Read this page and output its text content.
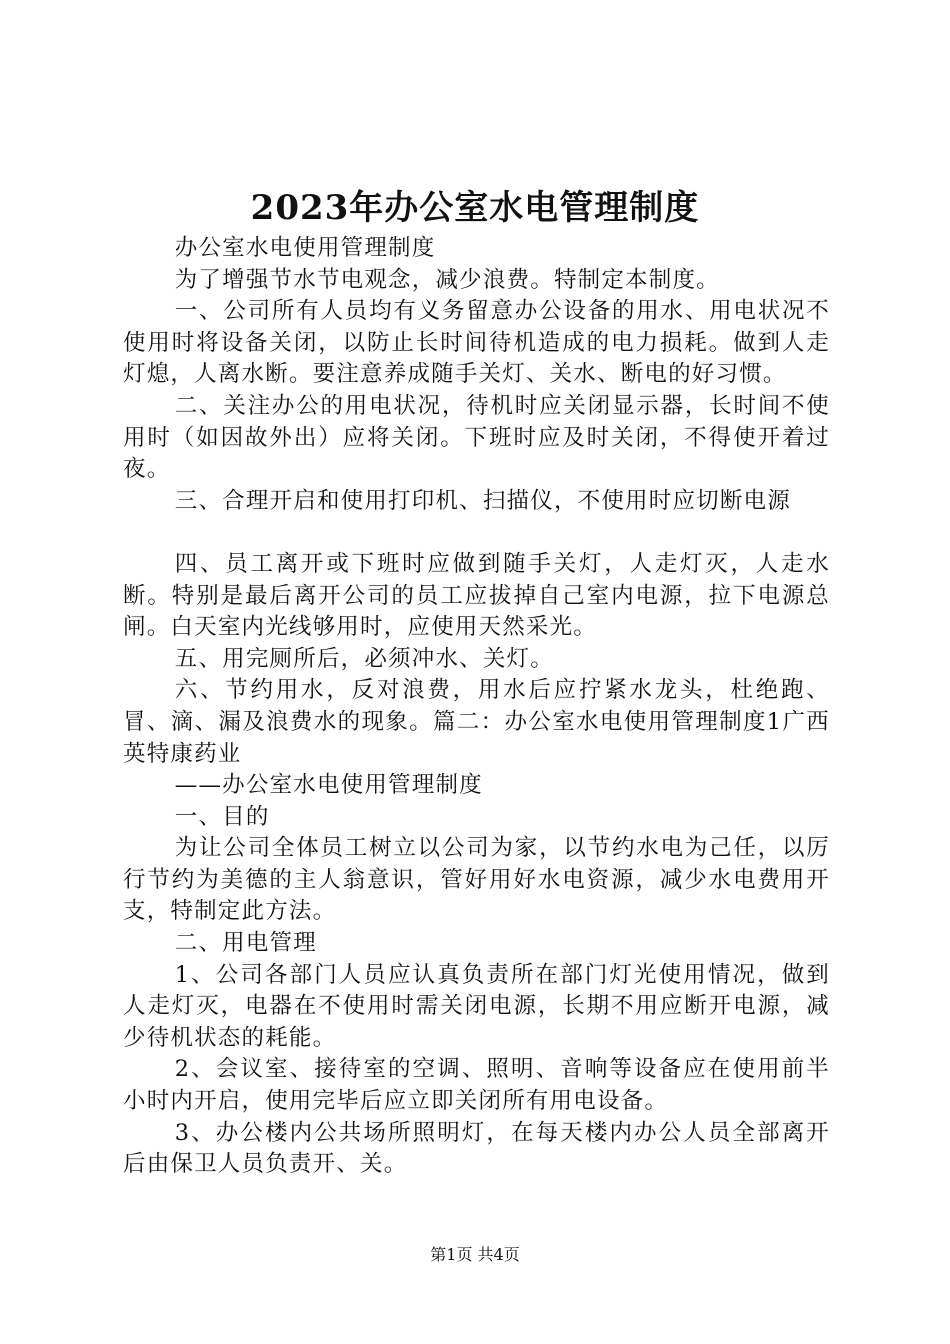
2023年办公室水电管理制度

办公室水电使用管理制度

为了增强节水节电观念，减少浪费。特制定本制度。

一、公司所有人员均有义务留意办公设备的用水、用电状况不使用时将设备关闭，以防止长时间待机造成的电力损耗。做到人走灯熄，人离水断。要注意养成随手关灯、关水、断电的好习惯。

二、关注办公的用电状况，待机时应关闭显示器，长时间不使用时（如因故外出）应将关闭。下班时应及时关闭，不得使开着过夜。

三、合理开启和使用打印机、扫描仪，不使用时应切断电源

四、员工离开或下班时应做到随手关灯，人走灯灭，人走水断。特别是最后离开公司的员工应拔掉自己室内电源，拉下电源总闸。白天室内光线够用时，应使用天然采光。

五、用完厕所后，必须冲水、关灯。

六、节约用水，反对浪费，用水后应拧紧水龙头，杜绝跑、冒、滴、漏及浪费水的现象。篇二：办公室水电使用管理制度1广西英特康药业

——办公室水电使用管理制度

一、目的

为让公司全体员工树立以公司为家，以节约水电为己任，以厉行节约为美德的主人翁意识，管好用好水电资源，减少水电费用开支，特制定此方法。

二、用电管理

1、公司各部门人员应认真负责所在部门灯光使用情况，做到人走灯灭，电器在不使用时需关闭电源，长期不用应断开电源，减少待机状态的耗能。

2、会议室、接待室的空调、照明、音响等设备应在使用前半小时内开启，使用完毕后应立即关闭所有用电设备。

3、办公楼内公共场所照明灯，在每天楼内办公人员全部离开后由保卫人员负责开、关。

第1页 共4页
